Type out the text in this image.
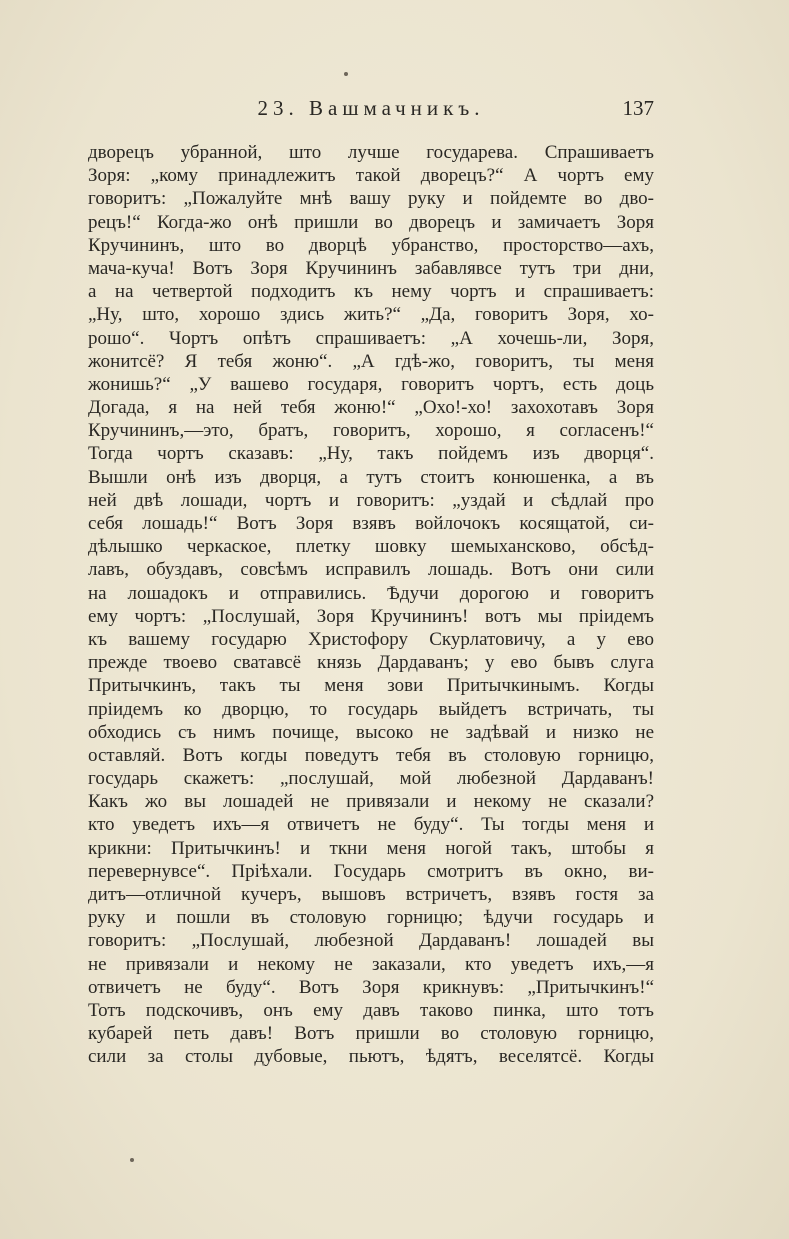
23. Вашмачникъ.	137
дворецъ убранной, што лучше государева. Спрашиваетъ
Зоря: „кому принадлежитъ такой дворецъ?“ А чортъ ему
говоритъ: „Пожалуйте мнѣ вашу руку и пойдемте во дво-
рецъ!“ Когда-жо онѣ пришли во дворецъ и замичаетъ Зоря
Кручининъ, што во дворцѣ убранство, просторство—ахъ,
мача-куча! Вотъ Зоря Кручининъ забавлявсе тутъ три дни,
а на четвертой подходитъ къ нему чортъ и спрашиваетъ:
„Ну, што, хорошо здись жить?“ „Да, говоритъ Зоря, хо-
рошо“. Чортъ опѣтъ спрашиваетъ: „А хочешь-ли, Зоря,
жонитсё? Я тебя жоню“. „А гдѣ-жо, говоритъ, ты меня
жонишь?“ „У вашево государя, говоритъ чортъ, есть доць
Догада, я на ней тебя жоню!“ „Охо!-хо! захохотавъ Зоря
Кручининъ,—это, братъ, говоритъ, хорошо, я согласенъ!“
Тогда чортъ сказавъ: „Ну, такъ пойдемъ изъ дворця“.
Вышли онѣ изъ дворця, а тутъ стоитъ конюшенка, а въ
ней двѣ лошади, чортъ и говоритъ: „уздай и сѣдлай про
себя лошадь!“ Вотъ Зоря взявъ войлочокъ косящатой, си-
дѣлышко черкаское, плетку шовку шемыхансково, обсѣд-
лавъ, обуздавъ, совсѣмъ исправилъ лошадь. Вотъ они сили
на лошадокъ и отправились. Ѣдучи дорогою и говоритъ
ему чортъ: „Послушай, Зоря Кручининъ! вотъ мы прiидемъ
къ вашему государю Христофору Скурлатовичу, а у ево
прежде твоево сватавсё князь Дардаванъ; у ево бывъ слуга
Притычкинъ, такъ ты меня зови Притычкинымъ. Когды
прiидемъ ко дворцю, то государь выйдетъ встричать, ты
обходись съ нимъ почище, высоко не задѣвай и низко не
оставляй. Вотъ когды поведутъ тебя въ столовую горницю,
государь скажетъ: „послушай, мой любезной Дардаванъ!
Какъ жо вы лошадей не привязали и некому не сказали?
кто уведетъ ихъ—я отвичетъ не буду“. Ты тогды меня и
крикни: Притычкинъ! и ткни меня ногой такъ, штобы я
перевернувсе“. Прiѣхали. Государь смотритъ въ окно, ви-
дитъ—отличной кучеръ, вышовъ встричетъ, взявъ гостя за
руку и пошли въ столовую горницю; ѣдучи государь и
говоритъ: „Послушай, любезной Дардаванъ! лошадей вы
не привязали и некому не заказали, кто уведетъ ихъ,—я
отвичетъ не буду“. Вотъ Зоря крикнувъ: „Притычкинъ!“
Тотъ подскочивъ, онъ ему давъ таково пинка, што тотъ
кубарей петь давъ! Вотъ пришли во столовую горницю,
сили за столы дубовые, пьютъ, ѣдятъ, веселятсё. Когды
